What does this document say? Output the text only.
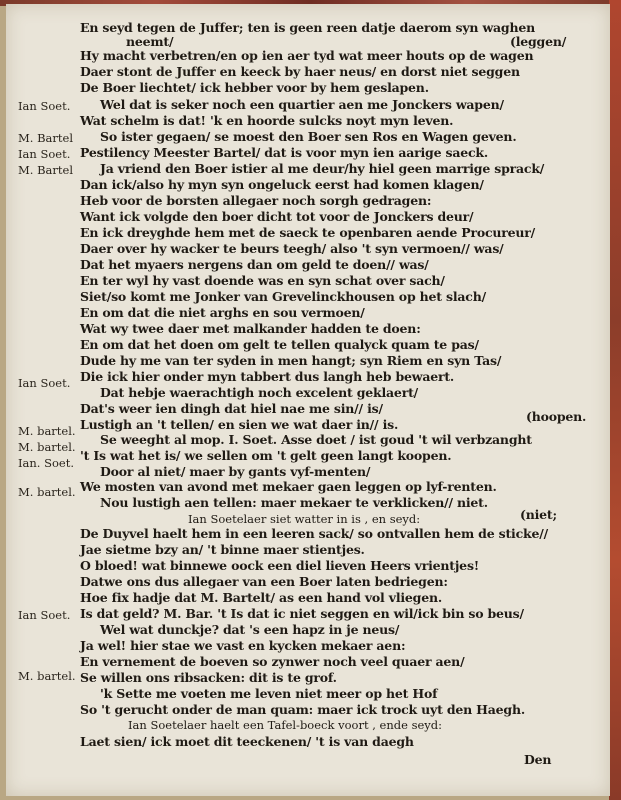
En seyd tegen de Juffer; ten is geen reen datje daerom syn waghen
neemt/	(leggen/
Hy macht verbetren/en op ien aer tyd wat meer houts op de wagen
Daer stont de Juffer en keeck by haer neus/ en dorst niet seggen
De Boer liechtet/ ick hebber voor by hem geslapen.
Wel dat is seker noch een quartier aen me Jonckers wapen/
Wat schelm is dat! 'k en hoorde sulcks noyt myn leven.
So ister gegaen/ se moest den Boer sen Ros en Wagen geven.
Pestilency Meester Bartel/ dat is voor myn ien aarige saeck.
Ja vriend den Boer istier al me deur/hy hiel geen marrige sprack/
Dan ick/also hy myn syn ongeluck eerst had komen klagen/
Heb voor de borsten allegaer noch sorgh gedragen:
Want ick volgde den boer dicht tot voor de Jonckers deur/
En ick dreyghde hem met de saeck te openbaren aende Procureur/
Daer over hy wacker te beurs teegh/ also 't syn vermoen// was/
Dat het myaers nergens dan om geld te doen// was/
En ter wyl hy vast doende was en syn schat over sach/
Siet/so komt me Jonker van Grevelinckhousen op het slach/
En om dat die niet arghs en sou vermoen/
Wat wy twee daer met malkander hadden te doen:
En om dat het doen om gelt te tellen qualyck quam te pas/
Dude hy me van ter syden in men hangt; syn Riem en syn Tas/
Die ick hier onder myn tabbert dus langh heb bewaert.
Dat hebje waerachtigh noch excelent geklaert/
Dat's weer ien dingh dat hiel nae me sin// is/
Lustigh an 't tellen/ en sien we wat daer in// is.
(hoopen.
Se weeght al mop. I. Soet. Asse doet / ist goud 't wil verbzanght
't Is wat het is/ we sellen om 't gelt geen langt koopen.
Door al niet/ maer by gants vyf-menten/
We mosten van avond met mekaer gaen leggen op lyf-renten.
Nou lustigh aen tellen: maer mekaer te verklicken// niet.
Ian Soetelaer siet watter in is , en seyd:	(niet;
De Duyvel haelt hem in een leeren sack/ so ontvallen hem de sticke//
Jae sietme bzy an/ 't binne maer stientjes.
O bloed! wat binnewe oock een diel lieven Heers vrientjes!
Datwe ons dus allegaer van een Boer laten bedriegen:
Hoe fix hadje dat M. Bartelt/ as een hand vol vliegen.
Is dat geld? M. Bar. 't Is dat ic niet seggen en wil/ick bin so beus/
Wel wat dunckje? dat 's een hapz in je neus/
Ja wel! hier stae we vast en kycken mekaer aen:
En vernement de boeven so zynwer noch veel quaer aen/
Se willen ons ribsacken: dit is te grof.
'k Sette me voeten me leven niet meer op het Hof
So 't gerucht onder de man quam: maer ick trock uyt den Haegh.
Ian Soetelaer haelt een Tafel-boeck voort , ende seyd:
Laet sien/ ick moet dit teeckenen/ 't is van daegh
Den
Ian Soet.
M. Bartel
Ian Soet.
M. Bartel
Ian Soet.
M. bartel.
M. bartel.
Ian. Soet.
M. bartel.
Ian Soet.
M. bartel.
